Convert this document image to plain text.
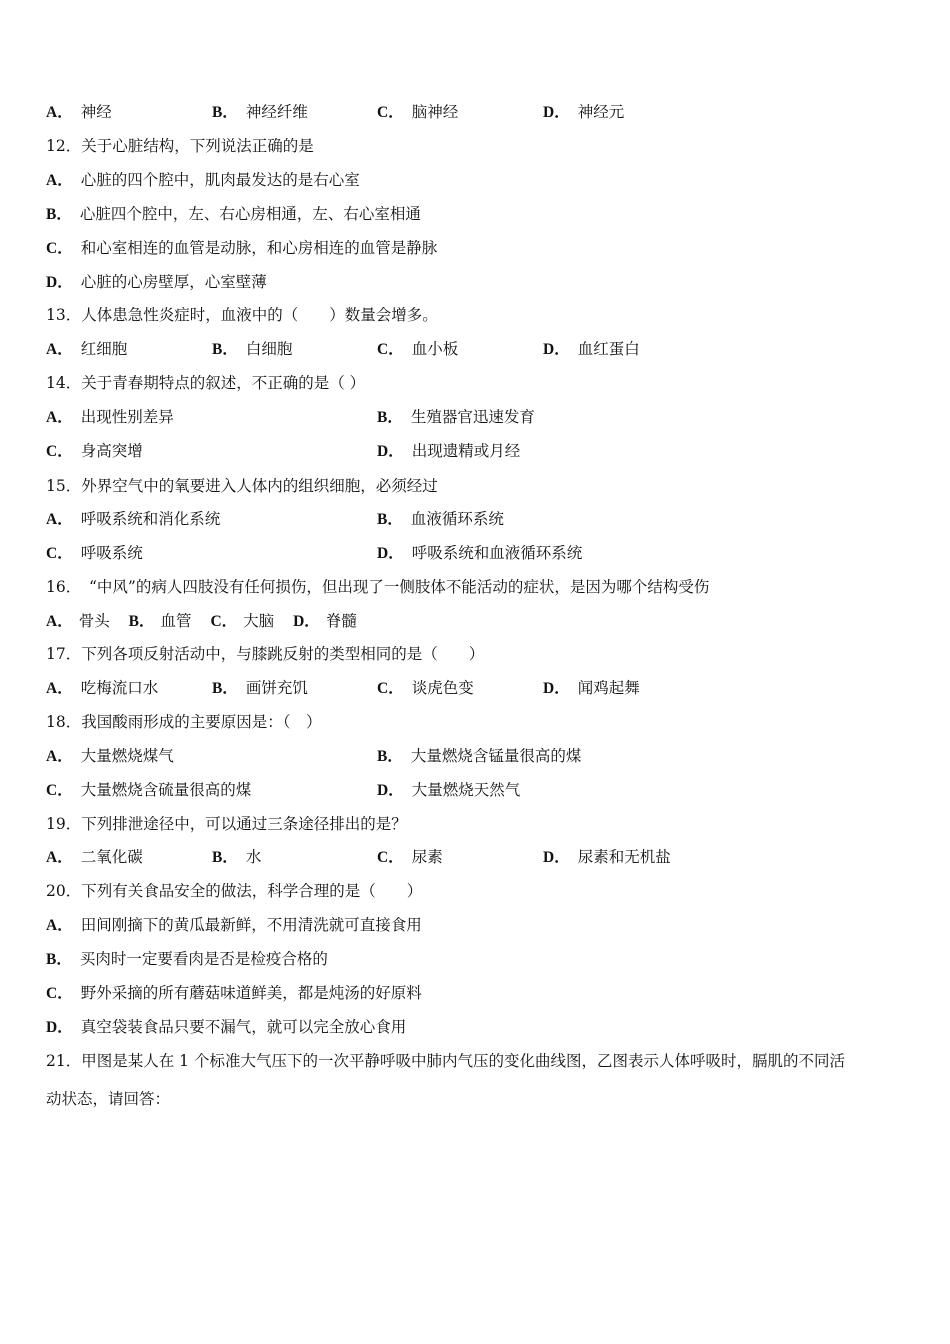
A． 神经	B． 神经纤维	C． 脑神经	D． 神经元
12．关于心脏结构，下列说法正确的是
A． 心脏的四个腔中，肌肉最发达的是右心室
B． 心脏四个腔中，左、右心房相通，左、右心室相通
C． 和心室相连的血管是动脉，和心房相连的血管是静脉
D． 心脏的心房壁厚，心室壁薄
13．人体患急性炎症时，血液中的（　　）数量会增多。
A． 红细胞	B． 白细胞	C． 血小板	D． 血红蛋白
14．关于青春期特点的叙述，不正确的是（ ）
A． 出现性别差异	B． 生殖器官迅速发育
C． 身高突增	D． 出现遗精或月经
15．外界空气中的氧要进入人体内的组织细胞，必须经过
A． 呼吸系统和消化系统	B． 血液循环系统
C． 呼吸系统	D． 呼吸系统和血液循环系统
16．　“中风”的病人四肢没有任何损伤，但出现了一侧肢体不能活动的症状，是因为哪个结构受伤
A． 骨头 B． 血管 C． 大脑 D． 脊髓
17．下列各项反射活动中，与膝跳反射的类型相同的是（　　）
A． 吃梅流口水	B． 画饼充饥	C． 谈虎色变	D． 闻鸡起舞
18．我国酸雨形成的主要原因是：（　）
A． 大量燃烧煤气	B． 大量燃烧含锰量很高的煤
C． 大量燃烧含硫量很高的煤	D． 大量燃烧天然气
19．下列排泄途径中，可以通过三条途径排出的是？
A． 二氧化碳	B． 水	C． 尿素	D． 尿素和无机盐
20．下列有关食品安全的做法，科学合理的是（　　）
A． 田间刚摘下的黄瓜最新鲜，不用清洗就可直接食用
B． 买肉时一定要看肉是否是检疫合格的
C． 野外采摘的所有蘑菇味道鲜美，都是炖汤的好原料
D． 真空袋装食品只要不漏气，就可以完全放心食用
21．甲图是某人在 1 个标准大气压下的一次平静呼吸中肺内气压的变化曲线图，乙图表示人体呼吸时，膈肌的不同活
动状态，请回答：
